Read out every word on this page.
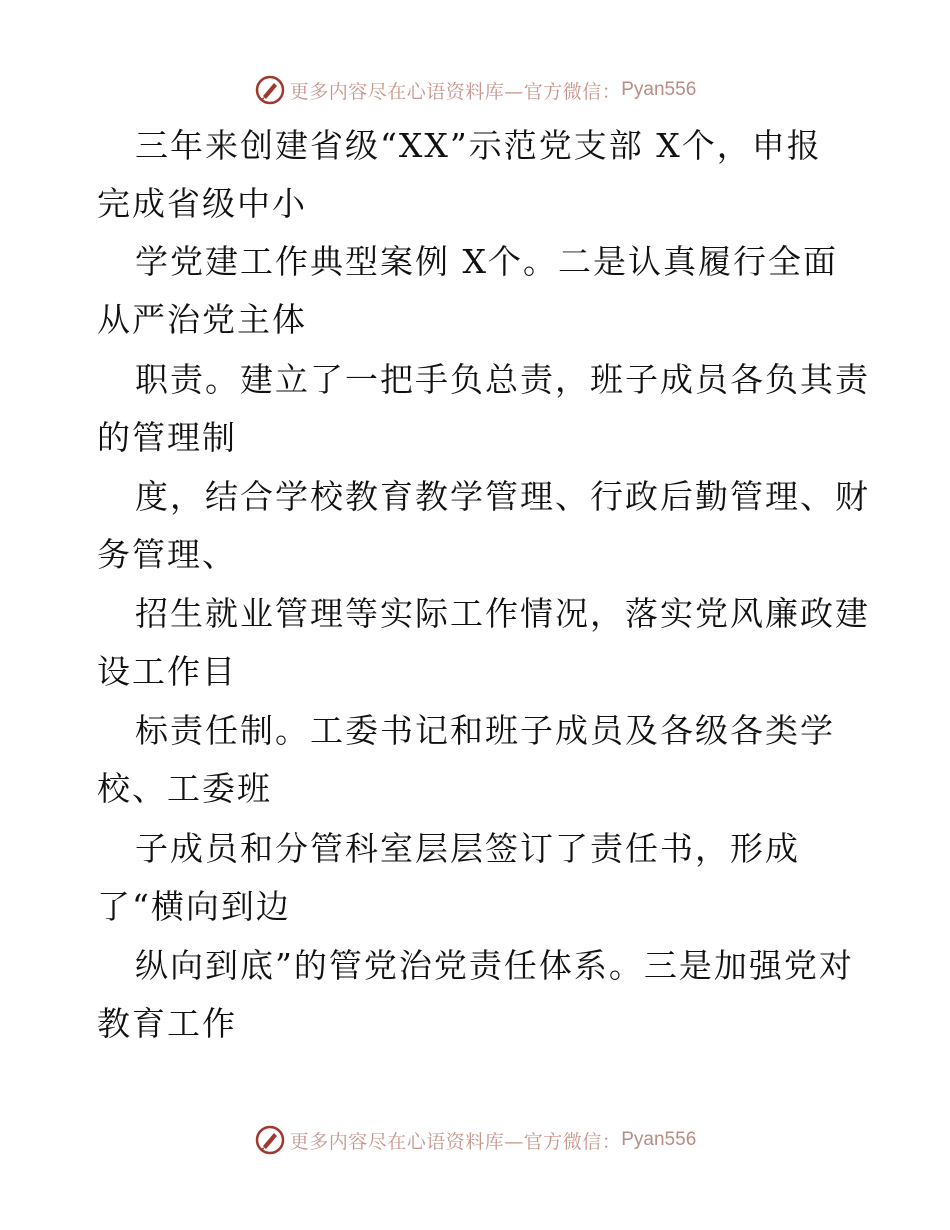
更多内容尽在心语资料库—官方微信： Pyan556

三年来创建省级“XX”示范党支部 X个，申报

完成省级中小

学党建工作典型案例 X个。二是认真履行全面

从严治党主体

职责。建立了一把手负总责，班子成员各负其责

的管理制

度，结合学校教育教学管理、行政后勤管理、财

务管理、

招生就业管理等实际工作情况，落实党风廉政建

设工作目

标责任制。工委书记和班子成员及各级各类学

校、工委班

子成员和分管科室层层签订了责任书，形成

了“横向到边

纵向到底”的管党治党责任体系。三是加强党对

教育工作

更多内容尽在心语资料库—官方微信： Pyan556
